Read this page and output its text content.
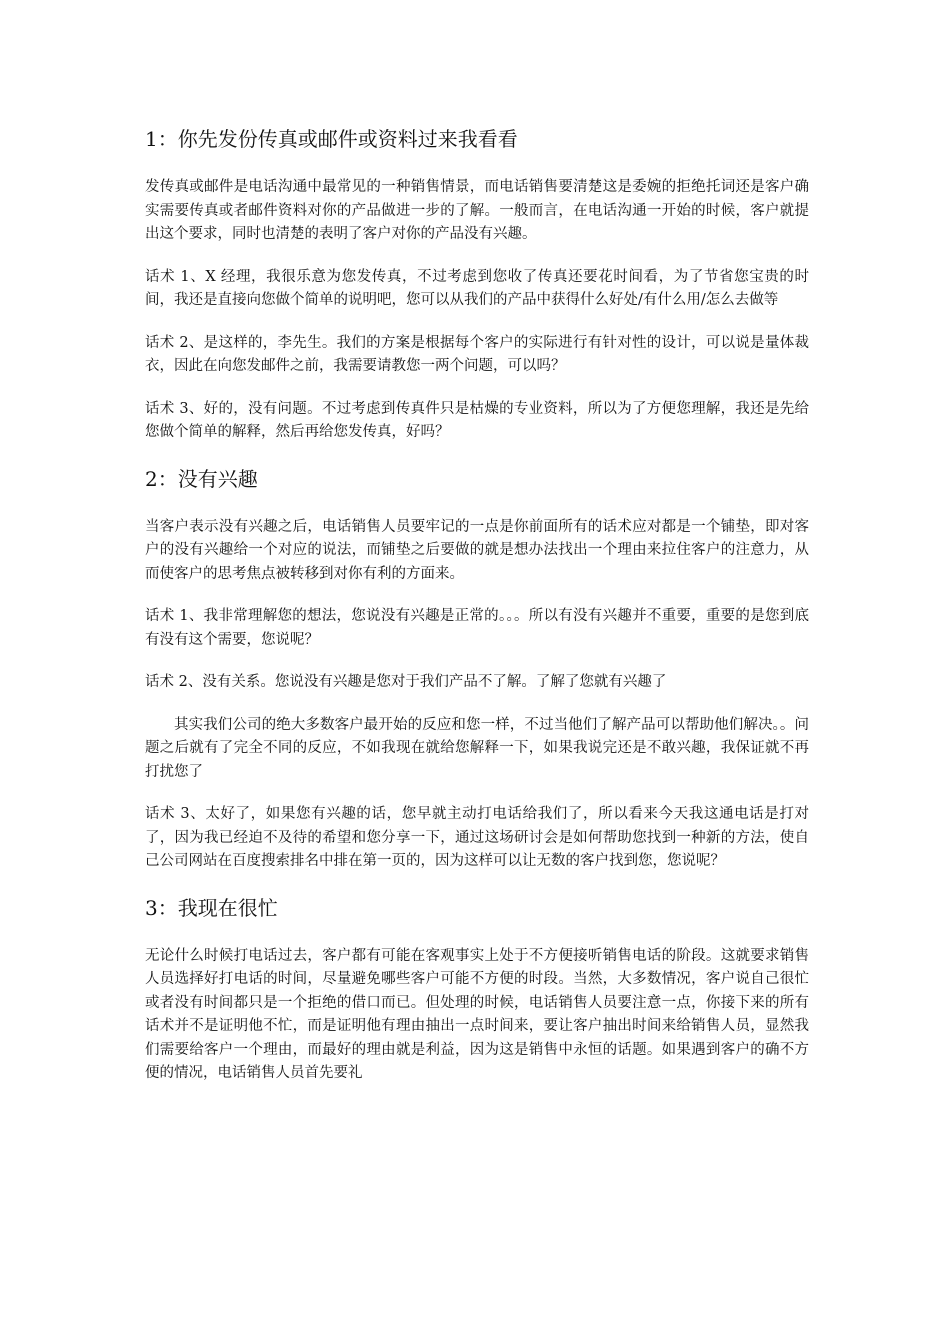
1：你先发份传真或邮件或资料过来我看看

发传真或邮件是电话沟通中最常见的一种销售情景，而电话销售要清楚这是委婉的拒绝托词还是客户确实需要传真或者邮件资料对你的产品做进一步的了解。一般而言，在电话沟通一开始的时候，客户就提出这个要求，同时也清楚的表明了客户对你的产品没有兴趣。

话术 1、X 经理，我很乐意为您发传真，不过考虑到您收了传真还要花时间看，为了节省您宝贵的时间，我还是直接向您做个简单的说明吧，您可以从我们的产品中获得什么好处/有什么用/怎么去做等

话术 2、是这样的，李先生。我们的方案是根据每个客户的实际进行有针对性的设计，可以说是量体裁衣，因此在向您发邮件之前，我需要请教您一两个问题，可以吗？

话术 3、好的，没有问题。不过考虑到传真件只是枯燥的专业资料，所以为了方便您理解，我还是先给您做个简单的解释，然后再给您发传真，好吗？

2：没有兴趣

当客户表示没有兴趣之后，电话销售人员要牢记的一点是你前面所有的话术应对都是一个铺垫，即对客户的没有兴趣给一个对应的说法，而铺垫之后要做的就是想办法找出一个理由来拉住客户的注意力，从而使客户的思考焦点被转移到对你有利的方面来。

话术 1、我非常理解您的想法，您说没有兴趣是正常的。。。所以有没有兴趣并不重要，重要的是您到底有没有这个需要，您说呢？

话术 2、没有关系。您说没有兴趣是您对于我们产品不了解。了解了您就有兴趣了

其实我们公司的绝大多数客户最开始的反应和您一样，不过当他们了解产品可以帮助他们解决。。问题之后就有了完全不同的反应，不如我现在就给您解释一下，如果我说完还是不敢兴趣，我保证就不再打扰您了

话术 3、太好了，如果您有兴趣的话，您早就主动打电话给我们了，所以看来今天我这通电话是打对了，因为我已经迫不及待的希望和您分享一下，通过这场研讨会是如何帮助您找到一种新的方法，使自己公司网站在百度搜索排名中排在第一页的，因为这样可以让无数的客户找到您，您说呢？

3：我现在很忙

无论什么时候打电话过去，客户都有可能在客观事实上处于不方便接听销售电话的阶段。这就要求销售人员选择好打电话的时间，尽量避免哪些客户可能不方便的时段。当然，大多数情况，客户说自己很忙或者没有时间都只是一个拒绝的借口而已。但处理的时候，电话销售人员要注意一点，你接下来的所有话术并不是证明他不忙，而是证明他有理由抽出一点时间来，要让客户抽出时间来给销售人员，显然我们需要给客户一个理由，而最好的理由就是利益，因为这是销售中永恒的话题。如果遇到客户的确不方便的情况，电话销售人员首先要礼
